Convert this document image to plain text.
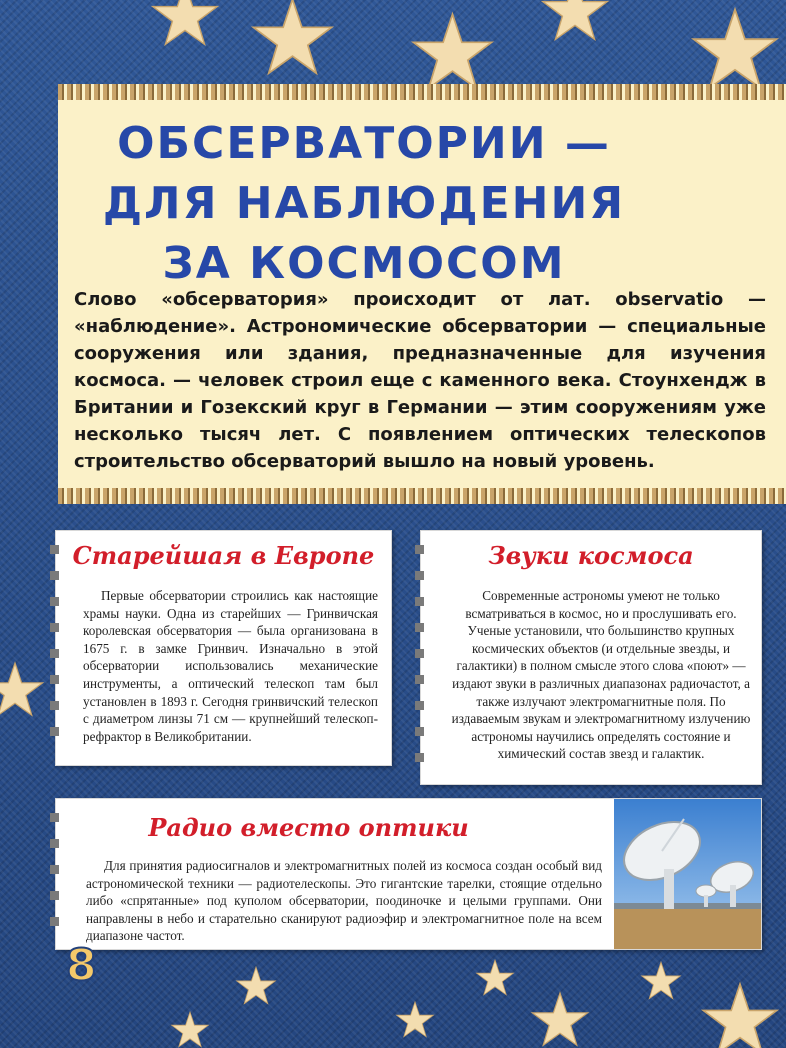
ОБСЕРВАТОРИИ —
ДЛЯ НАБЛЮДЕНИЯ
ЗА КОСМОСОМ

Слово «обсерватория» происходит от лат. observatio — «наблюдение». Астрономические обсерватории — специальные сооружения или здания, предназначенные для изучения космоса. — человек строил еще с каменного века. Стоунхендж в Британии и Гозекский круг в Германии — этим сооружениям уже несколько тысяч лет. С появлением оптических телескопов строительство обсерваторий вышло на новый уровень.

Старейшая в Европе

Первые обсерватории строились как настоящие храмы науки. Одна из старейших — Гринвичская королевская обсерватория — была организована в 1675 г. в замке Гринвич. Изначально в этой обсерватории использовались механические инструменты, а оптический телескоп там был установлен в 1893 г. Сегодня гринвичский телескоп с диаметром линзы 71 см — крупнейший телескоп-рефрактор в Великобритании.

Звуки космоса

Современные астрономы умеют не только всматриваться в космос, но и прослушивать его. Ученые установили, что большинство крупных космических объектов (и отдельные звезды, и галактики) в полном смысле этого слова «поют» — издают звуки в различных диапазонах радиочастот, а также излучают электромагнитные поля. По издаваемым звукам и электромагнитному излучению астрономы научились определять состояние и химический состав звезд и галактик.

Радио вместо оптики

Для принятия радиосигналов и электромагнитных полей из космоса создан особый вид астрономической техники — радиотелескопы. Это гигантские тарелки, стоящие отдельно либо «спрятанные» под куполом обсерватории, поодиночке и целыми группами. Они направлены в небо и старательно сканируют радиоэфир и электромагнитное поле на всем диапазоне частот.

8
